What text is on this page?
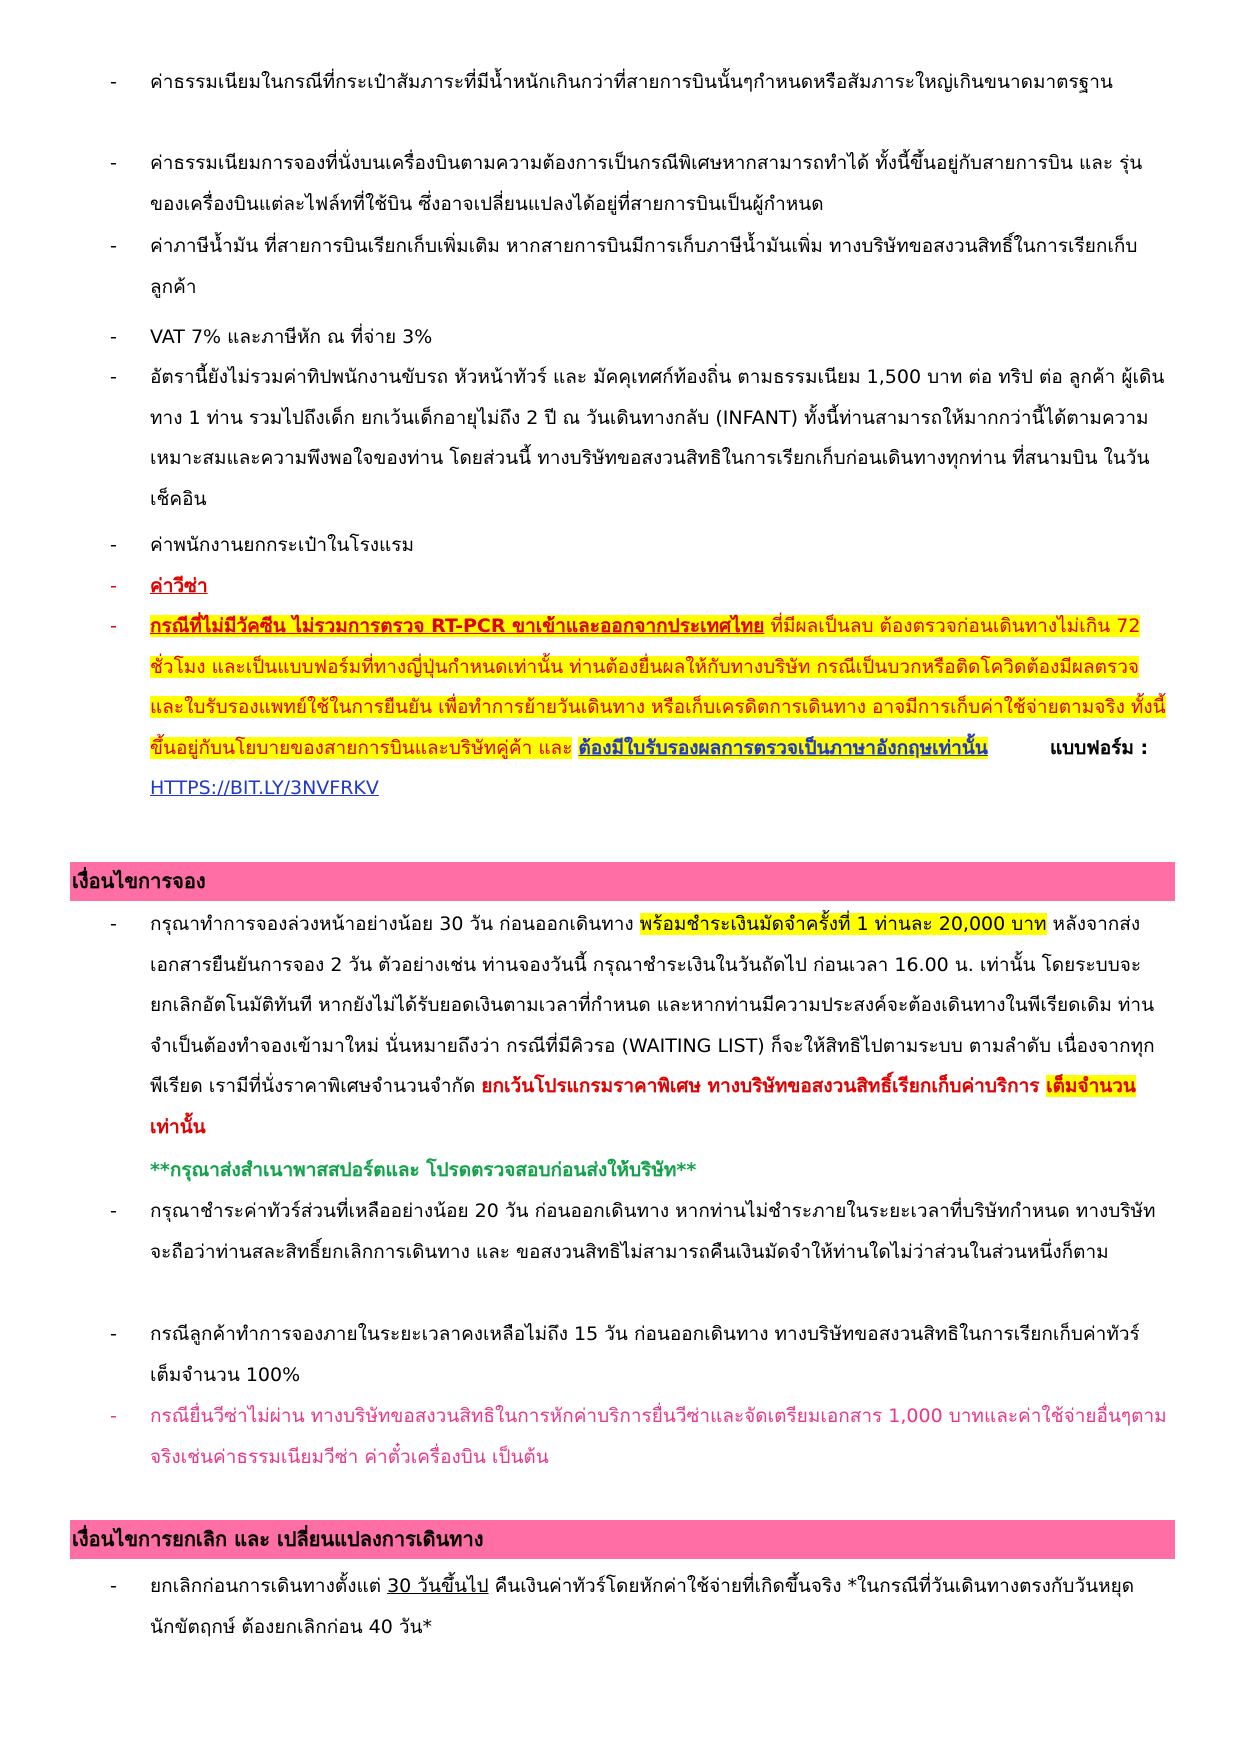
-	ค่าธรรมเนียมในกรณีที่กระเป๋าสัมภาระที่มีน้ำหนักเกินกว่าที่สายการบินนั้นๆกำหนดหรือสัมภาระใหญ่เกินขนาดมาตรฐาน
-	ค่าธรรมเนียมการจองที่นั่งบนเครื่องบินตามความต้องการเป็นกรณีพิเศษหากสามารถทำได้ ทั้งนี้ขึ้นอยู่กับสายการบิน และ รุ่นของเครื่องบินแต่ละไฟล์ทที่ใช้บิน ซึ่งอาจเปลี่ยนแปลงได้อยู่ที่สายการบินเป็นผู้กำหนด
-	ค่าภาษีน้ำมัน ที่สายการบินเรียกเก็บเพิ่มเติม หากสายการบินมีการเก็บภาษีน้ำมันเพิ่ม ทางบริษัทขอสงวนสิทธิ์ในการเรียกเก็บลูกค้า
-	VAT 7% และภาษีหัก ณ ที่จ่าย 3%
-	อัตรานี้ยังไม่รวมค่าทิปพนักงานขับรถ หัวหน้าทัวร์ และ มัคคุเทศก์ท้องถิ่น ตามธรรมเนียม 1,500 บาท ต่อ ทริป ต่อ ลูกค้า ผู้เดินทาง 1 ท่าน รวมไปถึงเด็ก ยกเว้นเด็กอายุไม่ถึง 2 ปี ณ วันเดินทางกลับ (INFANT) ทั้งนี้ท่านสามารถให้มากกว่านี้ได้ตามความเหมาะสมและความพึงพอใจของท่าน โดยส่วนนี้ ทางบริษัทขอสงวนสิทธิในการเรียกเก็บก่อนเดินทางทุกท่าน ที่สนามบิน ในวันเช็คอิน
-	ค่าพนักงานยกกระเป๋าในโรงแรม
-	ค่าวีซ่า
-	กรณีที่ไม่มีวัคซีน ไม่รวมการตรวจ RT-PCR ขาเข้าและออกจากประเทศไทย ที่มีผลเป็นลบ ต้องตรวจก่อนเดินทางไม่เกิน 72 ชั่วโมง และเป็นแบบฟอร์มที่ทางญี่ปุ่นกำหนดเท่านั้น ท่านต้องยื่นผลให้กับทางบริษัท กรณีเป็นบวกหรือติดโควิดต้องมีผลตรวจและใบรับรองแพทย์ใช้ในการยืนยัน เพื่อทำการย้ายวันเดินทาง หรือเก็บเครดิตการเดินทาง อาจมีการเก็บค่าใช้จ่ายตามจริง ทั้งนี้ขึ้นอยู่กับนโยบายของสายการบินและบริษัทคู่ค้า และ ต้องมีใบรับรองผลการตรวจเป็นภาษาอังกฤษเท่านั้น	แบบฟอร์ม : HTTPS://BIT.LY/3NVFRKV
เงื่อนไขการจอง
-	กรุณาทำการจองล่วงหน้าอย่างน้อย 30 วัน ก่อนออกเดินทาง พร้อมชำระเงินมัดจำครั้งที่ 1 ท่านละ 20,000 บาท หลังจากส่งเอกสารยืนยันการจอง 2 วัน ตัวอย่างเช่น ท่านจองวันนี้ กรุณาชำระเงินในวันถัดไป ก่อนเวลา 16.00 น. เท่านั้น โดยระบบจะยกเลิกอัตโนมัติทันที หากยังไม่ได้รับยอดเงินตามเวลาที่กำหนด และหากท่านมีความประสงค์จะต้องเดินทางในพีเรียดเดิม ท่านจำเป็นต้องทำจองเข้ามาใหม่ นั่นหมายถึงว่า กรณีที่มีคิวรอ (WAITING LIST) ก็จะให้สิทธิไปตามระบบ ตามลำดับ เนื่องจากทุกพีเรียด เรามีที่นั่งราคาพิเศษจำนวนจำกัด ยกเว้นโปรแกรมราคาพิเศษ ทางบริษัทขอสงวนสิทธิ์เรียกเก็บค่าบริการ เต็มจำนวน เท่านั้น
**กรุณาส่งสำเนาพาสสปอร์ตและ โปรดตรวจสอบก่อนส่งให้บริษัท**
-	กรุณาชำระค่าทัวร์ส่วนที่เหลืออย่างน้อย 20 วัน ก่อนออกเดินทาง หากท่านไม่ชำระภายในระยะเวลาที่บริษัทกำหนด ทางบริษัทจะถือว่าท่านสละสิทธิ์ยกเลิกการเดินทาง และ ขอสงวนสิทธิไม่สามารถคืนเงินมัดจำให้ท่านใดไม่ว่าส่วนในส่วนหนึ่งก็ตาม
-	กรณีลูกค้าทำการจองภายในระยะเวลาคงเหลือไม่ถึง 15 วัน ก่อนออกเดินทาง ทางบริษัทขอสงวนสิทธิในการเรียกเก็บค่าทัวร์เต็มจำนวน 100%
-	กรณียื่นวีซ่าไม่ผ่าน ทางบริษัทขอสงวนสิทธิในการหักค่าบริการยื่นวีซ่าและจัดเตรียมเอกสาร 1,000 บาทและค่าใช้จ่ายอื่นๆตามจริงเช่นค่าธรรมเนียมวีซ่า ค่าตั๋วเครื่องบิน เป็นต้น
เงื่อนไขการยกเลิก และ เปลี่ยนแปลงการเดินทาง
-	ยกเลิกก่อนการเดินทางตั้งแต่ 30 วันขึ้นไป คืนเงินค่าทัวร์โดยหักค่าใช้จ่ายที่เกิดขึ้นจริง *ในกรณีที่วันเดินทางตรงกับวันหยุดนักขัตฤกษ์ ต้องยกเลิกก่อน 40 วัน*
